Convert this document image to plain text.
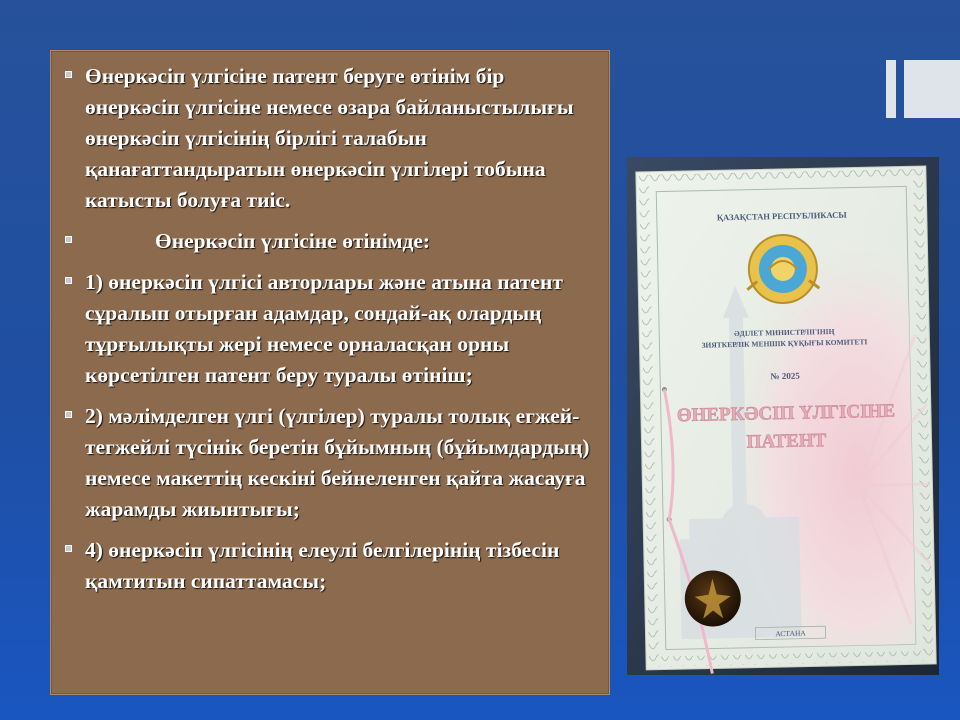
Өнеркәсіп үлгісіне патент беруге өтінім бір өнеркәсіп үлгісіне немесе өзара байланыстылығы өнеркәсіп үлгісінің бірлігі талабын қанағаттандыратын өнеркәсіп үлгілері тобына катысты болуға тиіс.
Өнеркәсіп үлгісіне өтінімде:
1) өнеркәсіп үлгісі авторлары және атына патент сұралып отырған адамдар, сондай-ақ олардың тұрғылықты жері немесе орналасқан орны көрсетілген патент беру туралы өтініш;
2) мәлімделген үлгі (үлгілер) туралы толық егжей-тегжейлі түсінік беретін бұйымның (бұйымдардың) немесе макеттің кескіні бейнеленген қайта жасауға жарамды жиынтығы;
4) өнеркәсіп үлгісінің елеулі белгілерінің тізбесін қамтитын сипаттамасы;
ҚАЗАҚСТАН РЕСПУБЛИКАСЫ
ӘДІЛЕТ МИНИСТРЛІГІНІҢ
ЗИЯТКЕРЛІК МЕНШІК ҚҰҚЫҒЫ КОМИТЕТІ
№ 2025
ӨНЕРКӘСІП ҮЛГІСІНЕ
ПАТЕНТ
АСТАНА
